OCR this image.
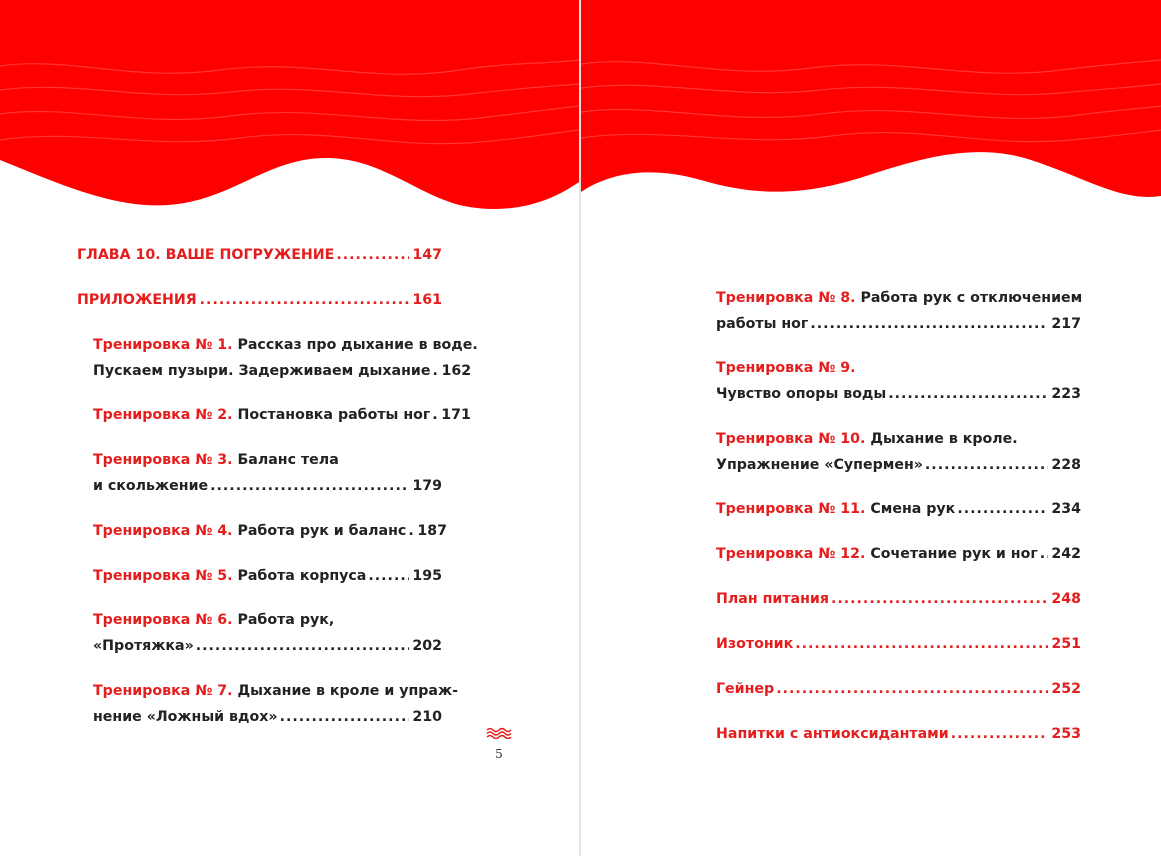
ГЛАВА 10. ВАШЕ ПОГРУЖЕНИЕ .....	147
ПРИЛОЖЕНИЯ .....	161
Тренировка № 1.
Рассказ про дыхание в воде.
Пускаем пузыри. Задерживаем дыхание ..... 162
Тренировка № 2.
Постановка работы ног ..... 171
Тренировка № 3.
Баланс тела
и скольжение .....	179
Тренировка № 4.
Работа рук и баланс ..... 187
Тренировка № 5.
Работа корпуса .....	195
Тренировка № 6.
Работа рук,
«Протяжка» .....	202
Тренировка № 7.
Дыхание в кроле и упраж-
нение «Ложный вдох» .....	210
5
Тренировка № 8.
Работа рук с отключением
работы ног .....	217
Тренировка № 9.
Чувство опоры воды .....	223
Тренировка № 10.
Дыхание в кроле.
Упражнение «Супермен» .....	228
Тренировка № 11.
Смена рук .....	234
Тренировка № 12.
Сочетание рук и ног ..... 242
План питания .....	248
Изотоник .....	251
Гейнер .....	252
Напитки с антиоксидантами .....	253
